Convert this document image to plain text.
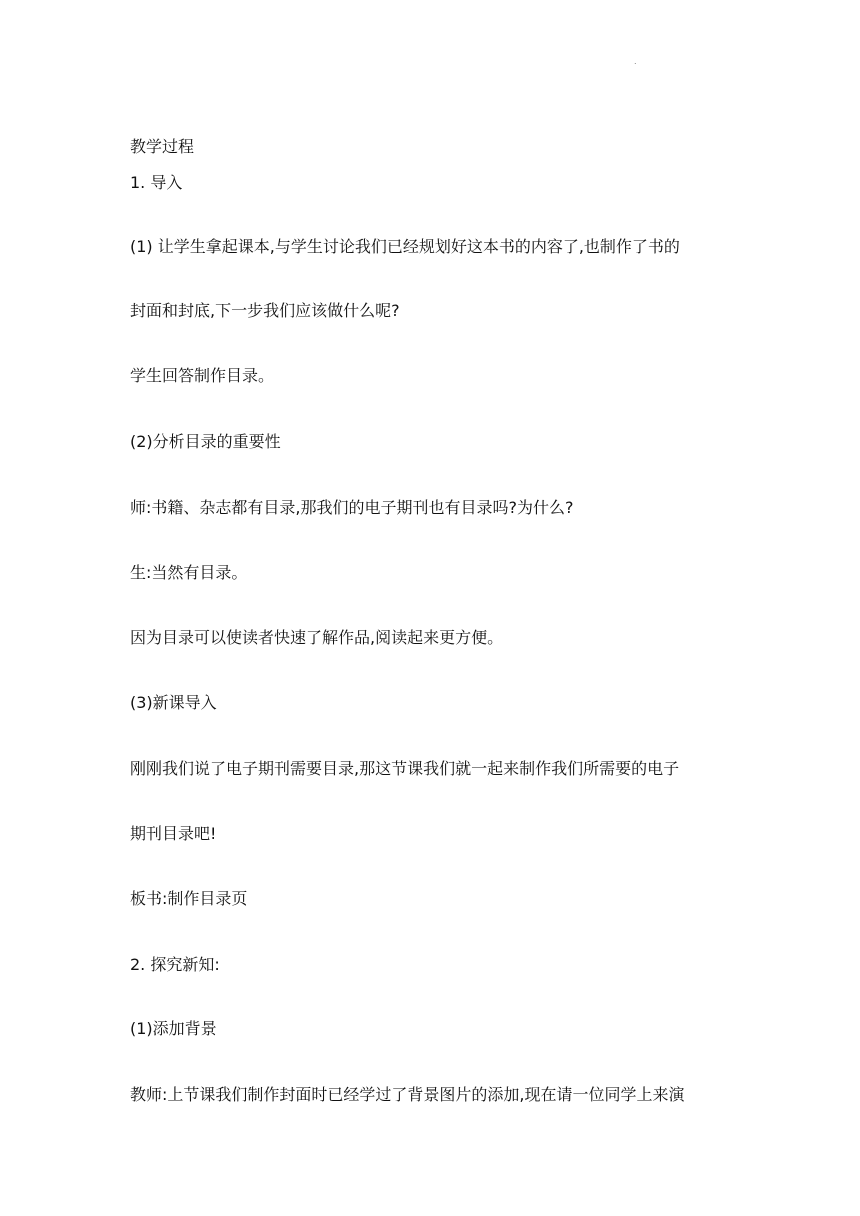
.
教学过程
1. 导入
(1) 让学生拿起课本,与学生讨论我们已经规划好这本书的内容了,也制作了书的
封面和封底,下一步我们应该做什么呢?
学生回答制作目录。
(2)分析目录的重要性
师:书籍、杂志都有目录,那我们的电子期刊也有目录吗?为什么?
生:当然有目录。
因为目录可以使读者快速了解作品,阅读起来更方便。
(3)新课导入
刚刚我们说了电子期刊需要目录,那这节课我们就一起来制作我们所需要的电子
期刊目录吧!
板书:制作目录页
2. 探究新知:
(1)添加背景
教师:上节课我们制作封面时已经学过了背景图片的添加,现在请一位同学上来演
